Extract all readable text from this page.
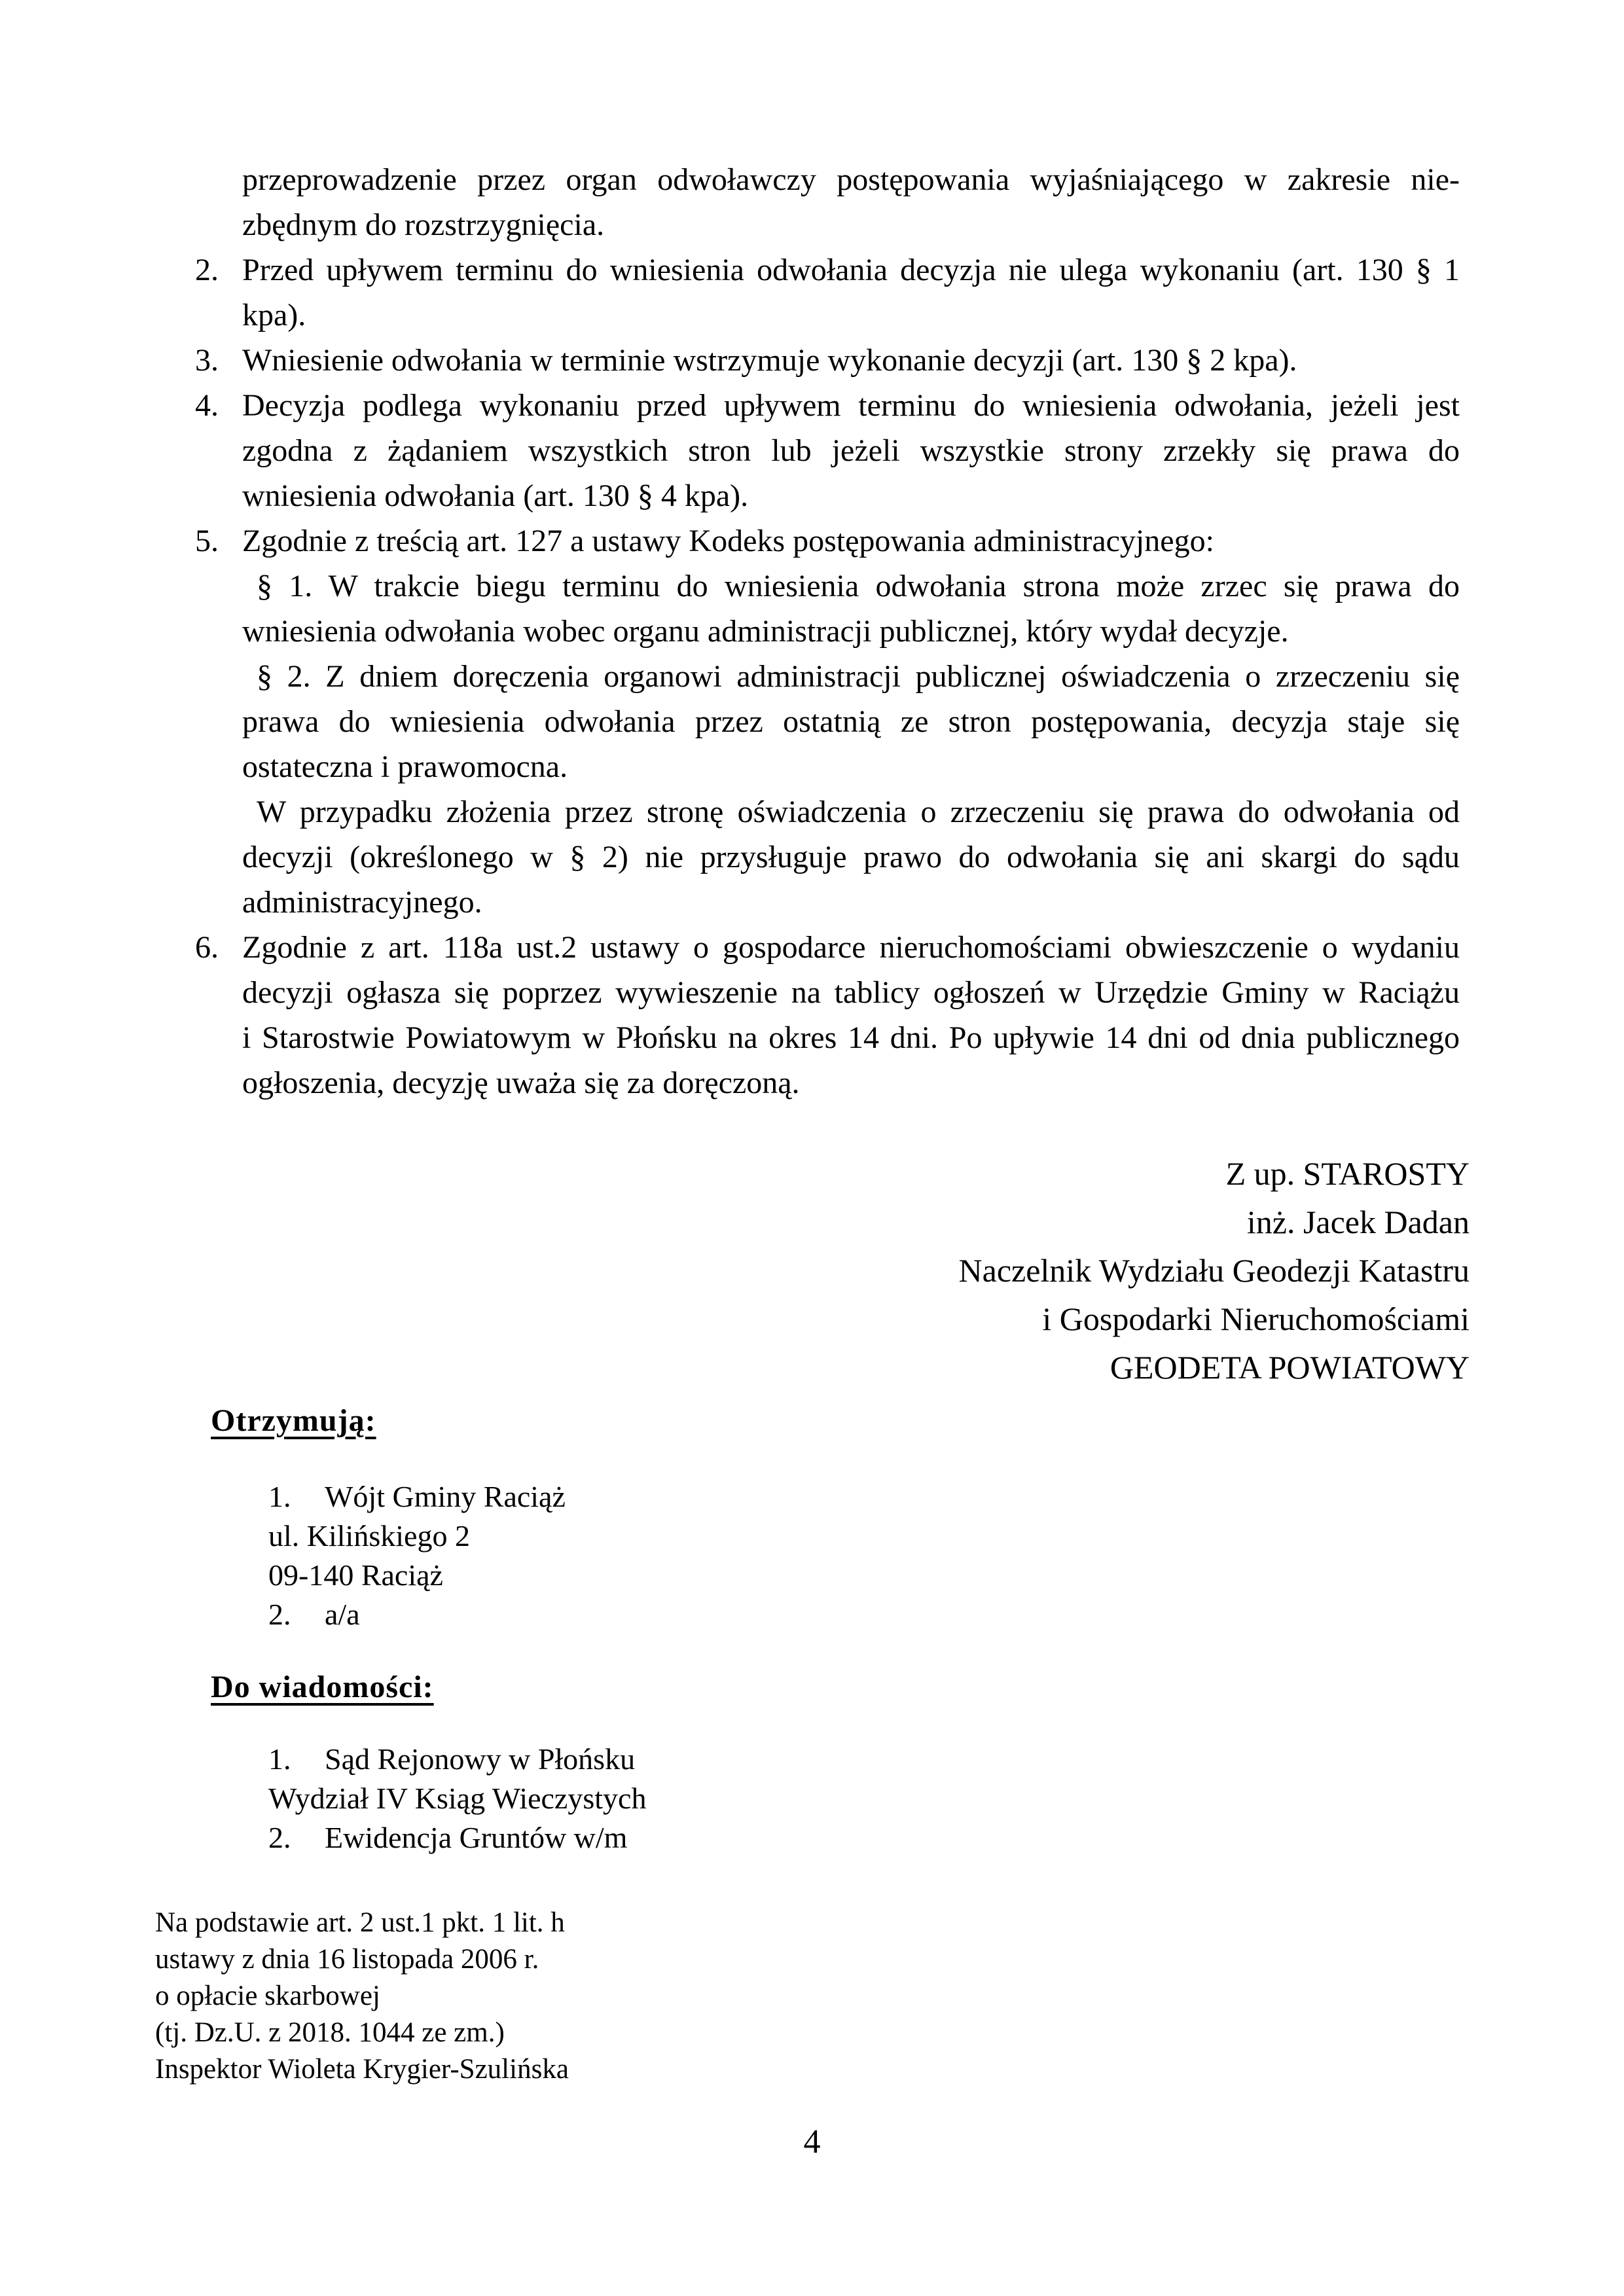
przeprowadzenie przez organ odwoławczy postępowania wyjaśniającego w zakresie nie-
zbędnym do rozstrzygnięcia.
2. Przed upływem terminu do wniesienia odwołania decyzja nie ulega wykonaniu (art. 130 § 1
kpa).
3. Wniesienie odwołania w terminie wstrzymuje wykonanie decyzji (art. 130 § 2 kpa).
4. Decyzja podlega wykonaniu przed upływem terminu do wniesienia odwołania, jeżeli jest
zgodna z żądaniem wszystkich stron lub jeżeli wszystkie strony zrzekły się prawa do
wniesienia odwołania (art. 130 § 4 kpa).
5. Zgodnie z treścią art. 127 a ustawy Kodeks postępowania administracyjnego:
§ 1. W trakcie biegu terminu do wniesienia odwołania strona może zrzec się prawa do
wniesienia odwołania wobec organu administracji publicznej, który wydał decyzje.
§ 2. Z dniem doręczenia organowi administracji publicznej oświadczenia o zrzeczeniu się
prawa do wniesienia odwołania przez ostatnią ze stron postępowania, decyzja staje się
ostateczna i prawomocna.
W przypadku złożenia przez stronę oświadczenia o zrzeczeniu się prawa do odwołania od
decyzji (określonego w § 2) nie przysługuje prawo do odwołania się ani skargi do sądu
administracyjnego.
6. Zgodnie z art. 118a ust.2 ustawy o gospodarce nieruchomościami obwieszczenie o wydaniu
decyzji ogłasza się poprzez wywieszenie na tablicy ogłoszeń w Urzędzie Gminy w Raciążu
i Starostwie Powiatowym w Płońsku na okres 14 dni. Po upływie 14 dni od dnia publicznego
ogłoszenia, decyzję uważa się za doręczoną.
Z up. STAROSTY
inż. Jacek Dadan
Naczelnik Wydziału Geodezji Katastru
i Gospodarki Nieruchomościami
GEODETA POWIATOWY
Otrzymują:
1. Wójt Gminy Raciąż
ul. Kilińskiego 2
09-140 Raciąż
2. a/a
Do wiadomości:
1. Sąd Rejonowy w Płońsku
Wydział IV Ksiąg Wieczystych
2. Ewidencja Gruntów w/m
Na podstawie art. 2 ust.1 pkt. 1 lit. h
ustawy z dnia 16 listopada 2006 r.
o opłacie skarbowej
(tj. Dz.U. z 2018. 1044 ze zm.)
Inspektor Wioleta Krygier-Szulińska
4
